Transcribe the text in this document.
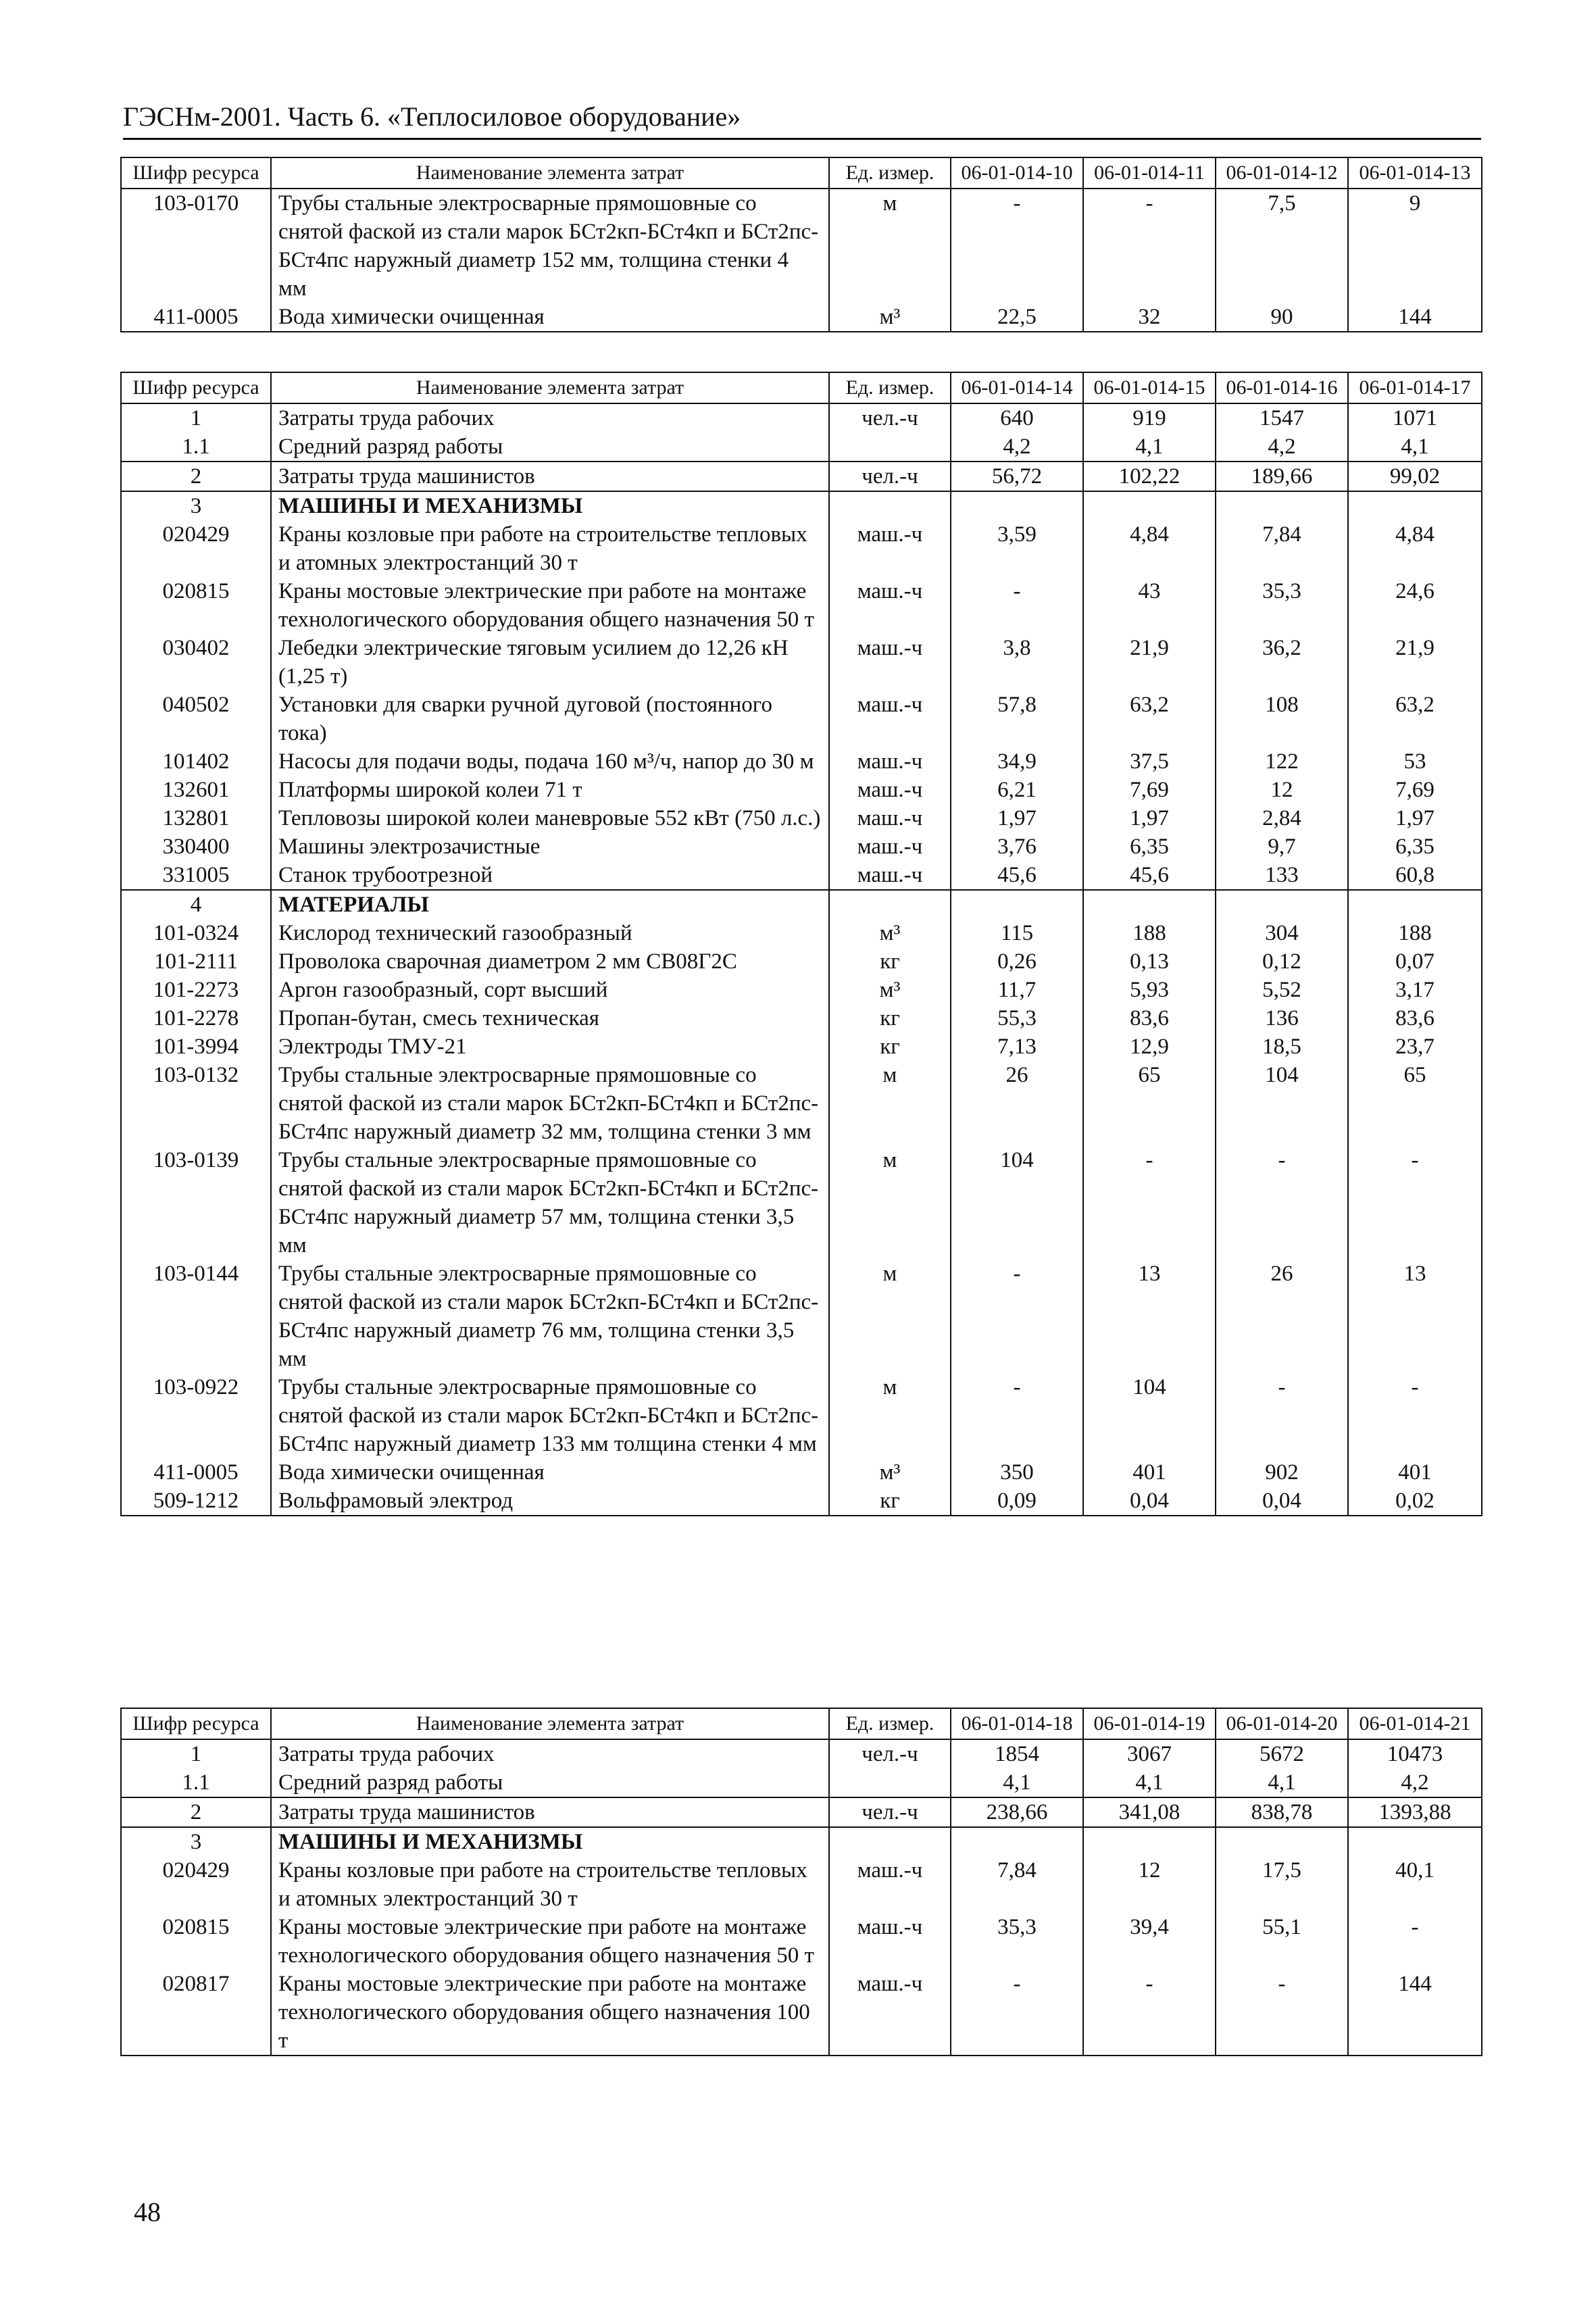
ГЭСНм-2001. Часть 6. «Теплосиловое оборудование»
Шифр ресурса	Наименование элемента затрат	Ед. измер.	06-01-014-10	06-01-014-11	06-01-014-12	06-01-014-13
103-0170	Трубы стальные электросварные прямошовные со снятой фаской из стали марок БСт2кп-БСт4кп и БСт2пс-БСт4пс наружный диаметр 152 мм, толщина стенки 4 мм	м	-	-	7,5	9
411-0005	Вода химически очищенная	м³	22,5	32	90	144
Шифр ресурса	Наименование элемента затрат	Ед. измер.	06-01-014-14	06-01-014-15	06-01-014-16	06-01-014-17
1	Затраты труда рабочих	чел.-ч	640	919	1547	1071
1.1	Средний разряд работы		4,2	4,1	4,2	4,1
2	Затраты труда машинистов	чел.-ч	56,72	102,22	189,66	99,02
3	МАШИНЫ И МЕХАНИЗМЫ					
020429	Краны козловые при работе на строительстве тепловых и атомных электростанций 30 т	маш.-ч	3,59	4,84	7,84	4,84
020815	Краны мостовые электрические при работе на монтаже технологического оборудования общего назначения 50 т	маш.-ч	-	43	35,3	24,6
030402	Лебедки электрические тяговым усилием до 12,26 кН (1,25 т)	маш.-ч	3,8	21,9	36,2	21,9
040502	Установки для сварки ручной дуговой (постоянного тока)	маш.-ч	57,8	63,2	108	63,2
101402	Насосы для подачи воды, подача 160 м³/ч, напор до 30 м	маш.-ч	34,9	37,5	122	53
132601	Платформы широкой колеи 71 т	маш.-ч	6,21	7,69	12	7,69
132801	Тепловозы широкой колеи маневровые 552 кВт (750 л.с.)	маш.-ч	1,97	1,97	2,84	1,97
330400	Машины электрозачистные	маш.-ч	3,76	6,35	9,7	6,35
331005	Станок трубоотрезной	маш.-ч	45,6	45,6	133	60,8
4	МАТЕРИАЛЫ					
101-0324	Кислород технический газообразный	м³	115	188	304	188
101-2111	Проволока сварочная диаметром 2 мм СВ08Г2С	кг	0,26	0,13	0,12	0,07
101-2273	Аргон газообразный, сорт высший	м³	11,7	5,93	5,52	3,17
101-2278	Пропан-бутан, смесь техническая	кг	55,3	83,6	136	83,6
101-3994	Электроды ТМУ-21	кг	7,13	12,9	18,5	23,7
103-0132	Трубы стальные электросварные прямошовные со снятой фаской из стали марок БСт2кп-БСт4кп и БСт2пс-БСт4пс наружный диаметр 32 мм, толщина стенки 3 мм	м	26	65	104	65
103-0139	Трубы стальные электросварные прямошовные со снятой фаской из стали марок БСт2кп-БСт4кп и БСт2пс-БСт4пс наружный диаметр 57 мм, толщина стенки 3,5 мм	м	104	-	-	-
103-0144	Трубы стальные электросварные прямошовные со снятой фаской из стали марок БСт2кп-БСт4кп и БСт2пс-БСт4пс наружный диаметр 76 мм, толщина стенки 3,5 мм	м	-	13	26	13
103-0922	Трубы стальные электросварные прямошовные со снятой фаской из стали марок БСт2кп-БСт4кп и БСт2пс-БСт4пс наружный диаметр 133 мм толщина стенки 4 мм	м	-	104	-	-
411-0005	Вода химически очищенная	м³	350	401	902	401
509-1212	Вольфрамовый электрод	кг	0,09	0,04	0,04	0,02
Шифр ресурса	Наименование элемента затрат	Ед. измер.	06-01-014-18	06-01-014-19	06-01-014-20	06-01-014-21
1	Затраты труда рабочих	чел.-ч	1854	3067	5672	10473
1.1	Средний разряд работы		4,1	4,1	4,1	4,2
2	Затраты труда машинистов	чел.-ч	238,66	341,08	838,78	1393,88
3	МАШИНЫ И МЕХАНИЗМЫ					
020429	Краны козловые при работе на строительстве тепловых и атомных электростанций 30 т	маш.-ч	7,84	12	17,5	40,1
020815	Краны мостовые электрические при работе на монтаже технологического оборудования общего назначения 50 т	маш.-ч	35,3	39,4	55,1	-
020817	Краны мостовые электрические при работе на монтаже технологического оборудования общего назначения 100 т	маш.-ч	-	-	-	144
48
